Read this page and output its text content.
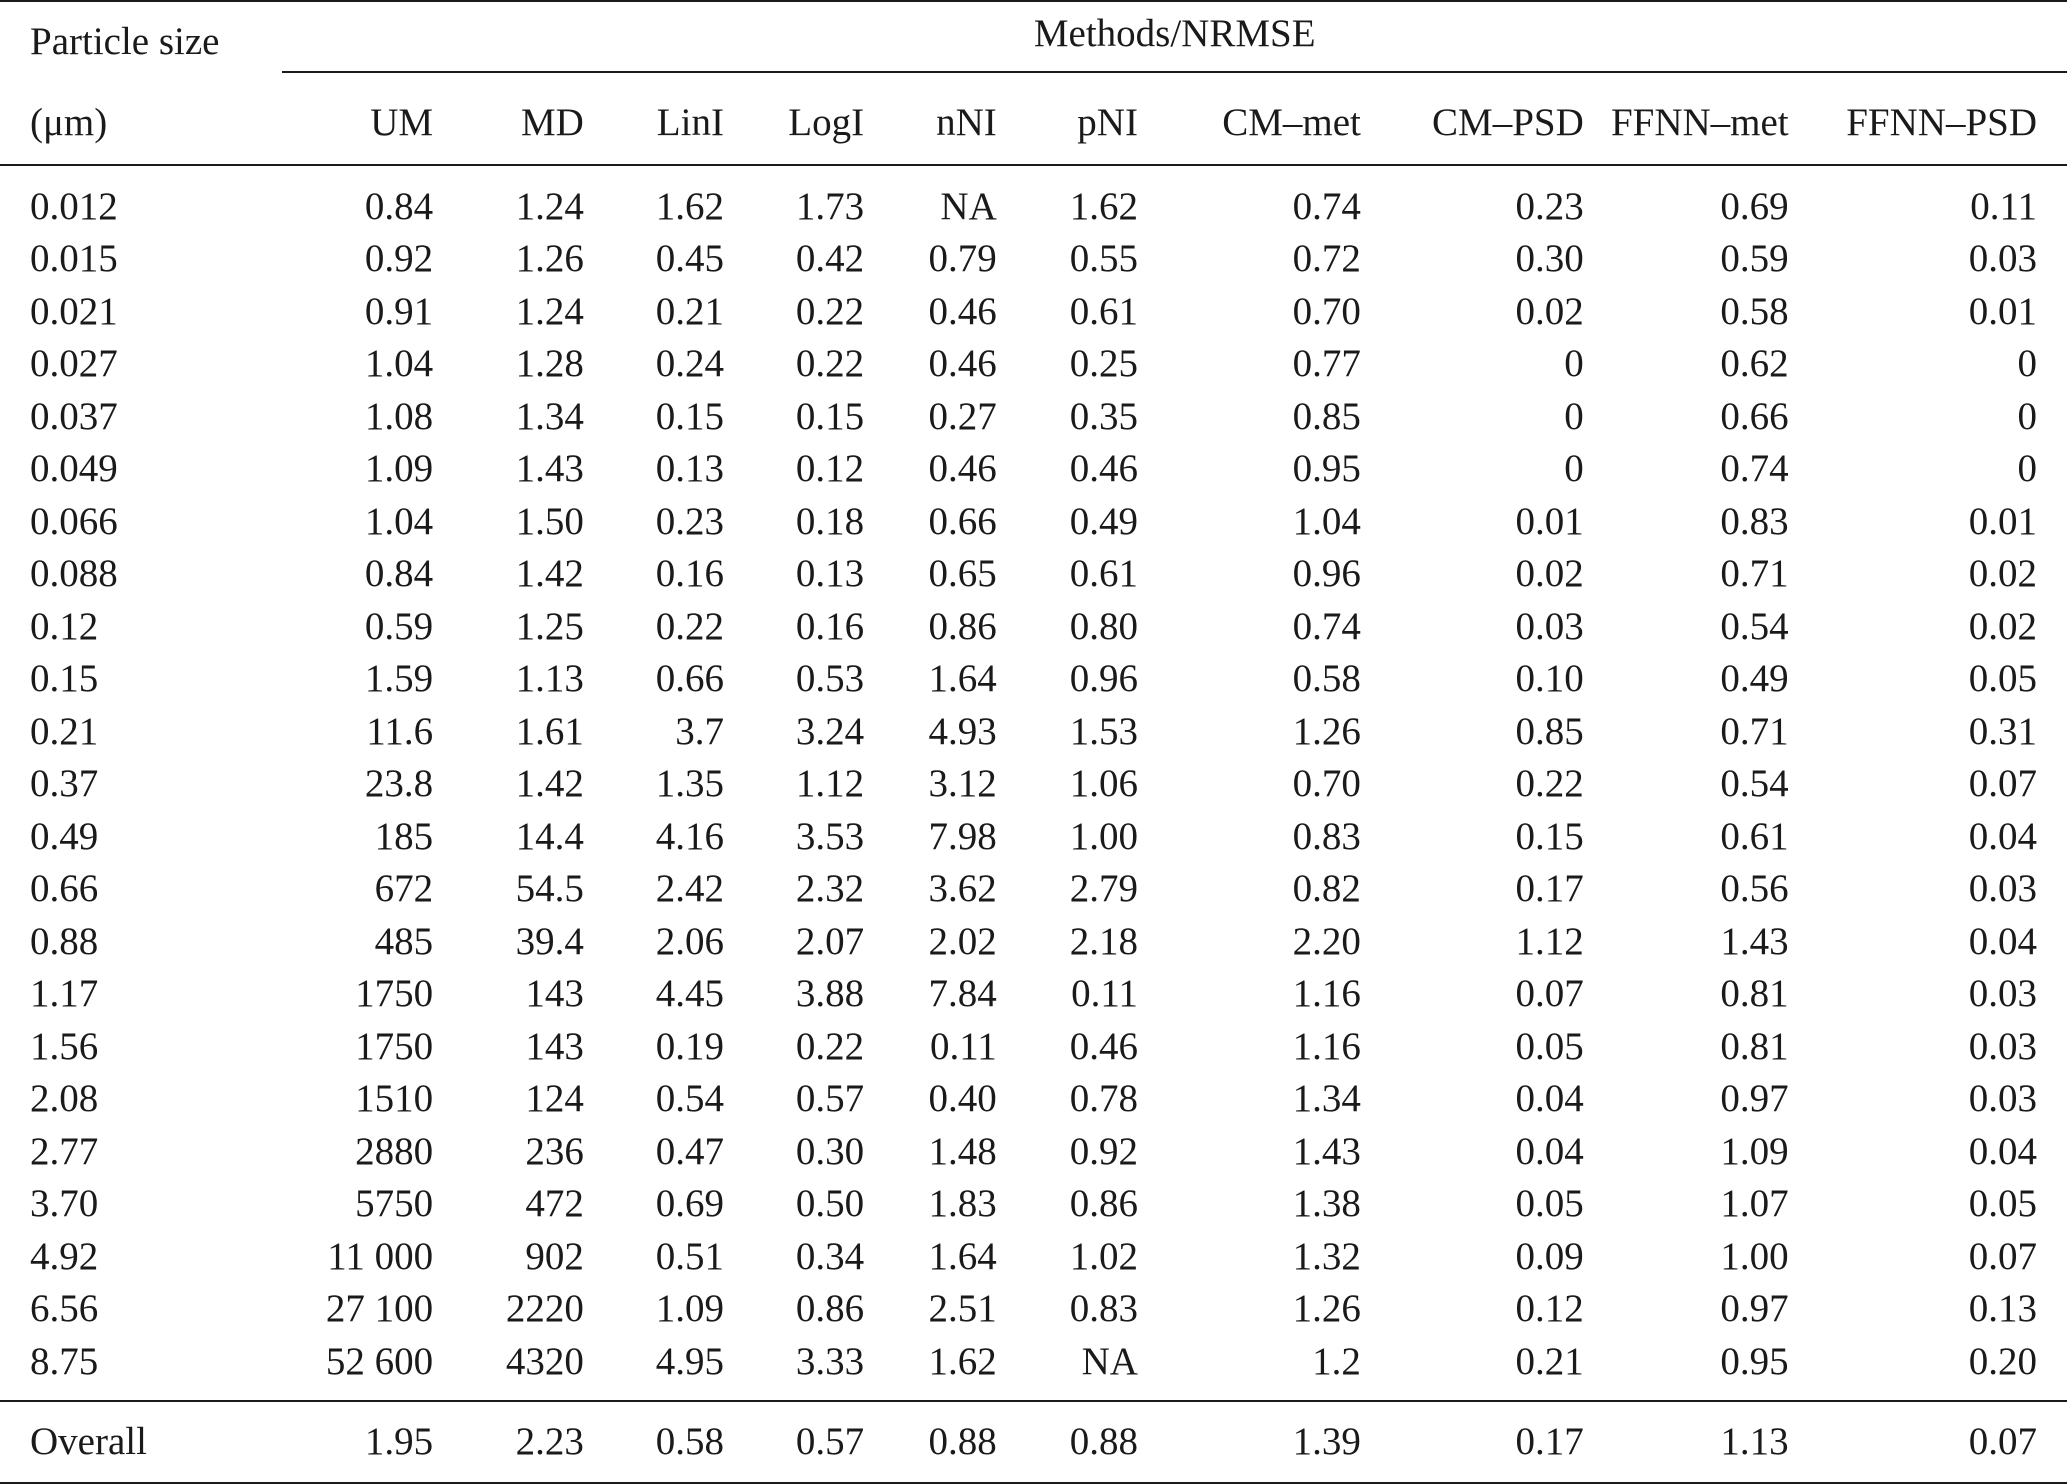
Particle size	Methods/NRMSE									

(μm)	UM	MD	LinI	LogI	nNI	pNI	CM–met	CM–PSD	FFNN–met	FFNN–PSD
0.012	0.84	1.24	1.62	1.73	NA	1.62	0.74	0.23	0.69	0.11
0.015	0.92	1.26	0.45	0.42	0.79	0.55	0.72	0.30	0.59	0.03
0.021	0.91	1.24	0.21	0.22	0.46	0.61	0.70	0.02	0.58	0.01
0.027	1.04	1.28	0.24	0.22	0.46	0.25	0.77	0	0.62	0
0.037	1.08	1.34	0.15	0.15	0.27	0.35	0.85	0	0.66	0
0.049	1.09	1.43	0.13	0.12	0.46	0.46	0.95	0	0.74	0
0.066	1.04	1.50	0.23	0.18	0.66	0.49	1.04	0.01	0.83	0.01
0.088	0.84	1.42	0.16	0.13	0.65	0.61	0.96	0.02	0.71	0.02
0.12	0.59	1.25	0.22	0.16	0.86	0.80	0.74	0.03	0.54	0.02
0.15	1.59	1.13	0.66	0.53	1.64	0.96	0.58	0.10	0.49	0.05
0.21	11.6	1.61	3.7	3.24	4.93	1.53	1.26	0.85	0.71	0.31
0.37	23.8	1.42	1.35	1.12	3.12	1.06	0.70	0.22	0.54	0.07
0.49	185	14.4	4.16	3.53	7.98	1.00	0.83	0.15	0.61	0.04
0.66	672	54.5	2.42	2.32	3.62	2.79	0.82	0.17	0.56	0.03
0.88	485	39.4	2.06	2.07	2.02	2.18	2.20	1.12	1.43	0.04
1.17	1750	143	4.45	3.88	7.84	0.11	1.16	0.07	0.81	0.03
1.56	1750	143	0.19	0.22	0.11	0.46	1.16	0.05	0.81	0.03
2.08	1510	124	0.54	0.57	0.40	0.78	1.34	0.04	0.97	0.03
2.77	2880	236	0.47	0.30	1.48	0.92	1.43	0.04	1.09	0.04
3.70	5750	472	0.69	0.50	1.83	0.86	1.38	0.05	1.07	0.05
4.92	11 000	902	0.51	0.34	1.64	1.02	1.32	0.09	1.00	0.07
6.56	27 100	2220	1.09	0.86	2.51	0.83	1.26	0.12	0.97	0.13
8.75	52 600	4320	4.95	3.33	1.62	NA	1.2	0.21	0.95	0.20
Overall	1.95	2.23	0.58	0.57	0.88	0.88	1.39	0.17	1.13	0.07
